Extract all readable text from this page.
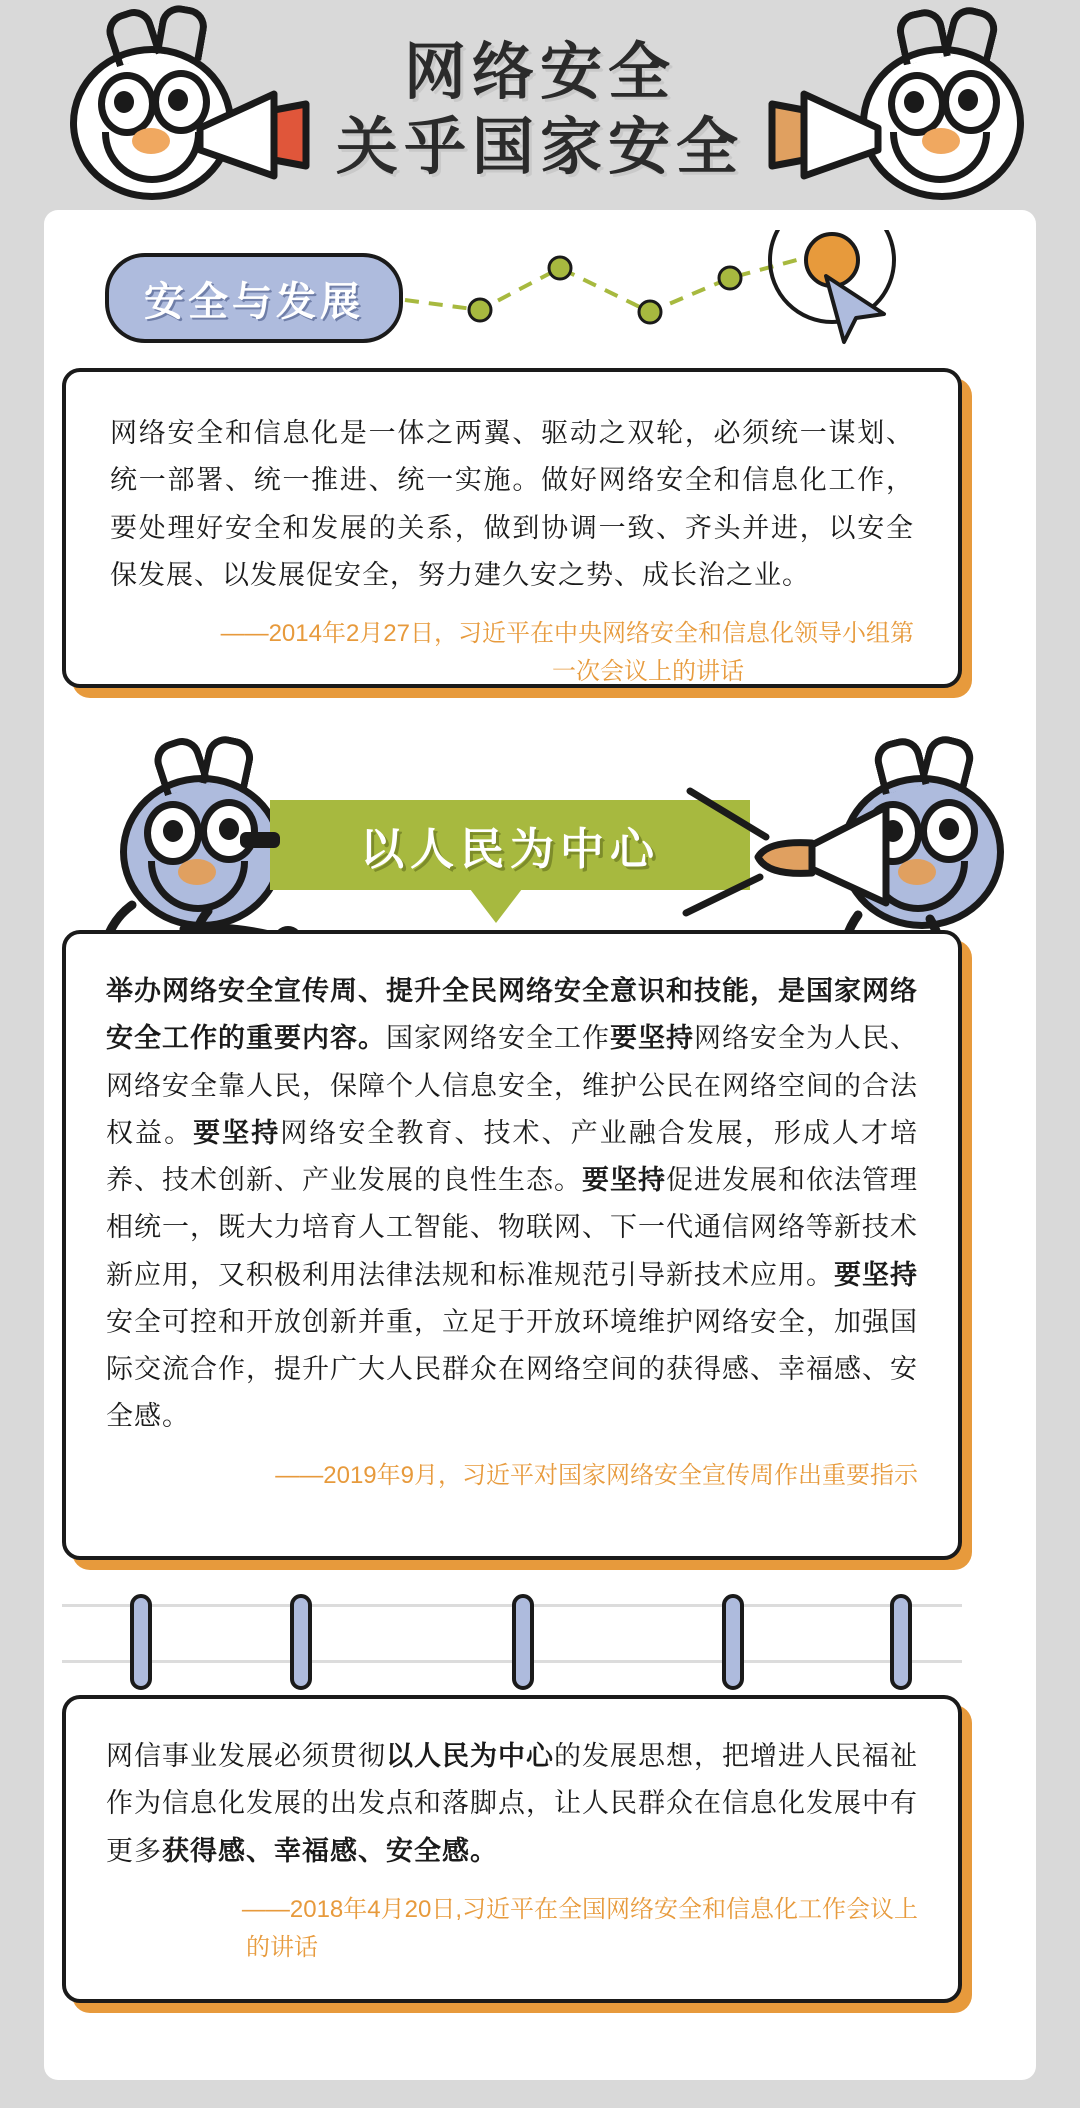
网络安全
关乎国家安全
安全与发展
网络安全和信息化是一体之两翼、驱动之双轮，必须统一谋划、统一部署、统一推进、统一实施。做好网络安全和信息化工作，要处理好安全和发展的关系，做到协调一致、齐头并进，以安全保发展、以发展促安全，努力建久安之势、成长治之业。
——2014年2月27日，习近平在中央网络安全和信息化领导小组第
一次会议上的讲话
以人民为中心
举办网络安全宣传周、提升全民网络安全意识和技能，是国家网络安全工作的重要内容。国家网络安全工作要坚持网络安全为人民、网络安全靠人民，保障个人信息安全，维护公民在网络空间的合法权益。要坚持网络安全教育、技术、产业融合发展，形成人才培养、技术创新、产业发展的良性生态。要坚持促进发展和依法管理相统一，既大力培育人工智能、物联网、下一代通信网络等新技术新应用，又积极利用法律法规和标准规范引导新技术应用。要坚持安全可控和开放创新并重，立足于开放环境维护网络安全，加强国际交流合作，提升广大人民群众在网络空间的获得感、幸福感、安全感。
——2019年9月，习近平对国家网络安全宣传周作出重要指示
网信事业发展必须贯彻以人民为中心的发展思想，把增进人民福祉作为信息化发展的出发点和落脚点，让人民群众在信息化发展中有更多获得感、幸福感、安全感。
——2018年4月20日,习近平在全国网络安全和信息化工作会议上
的讲话
